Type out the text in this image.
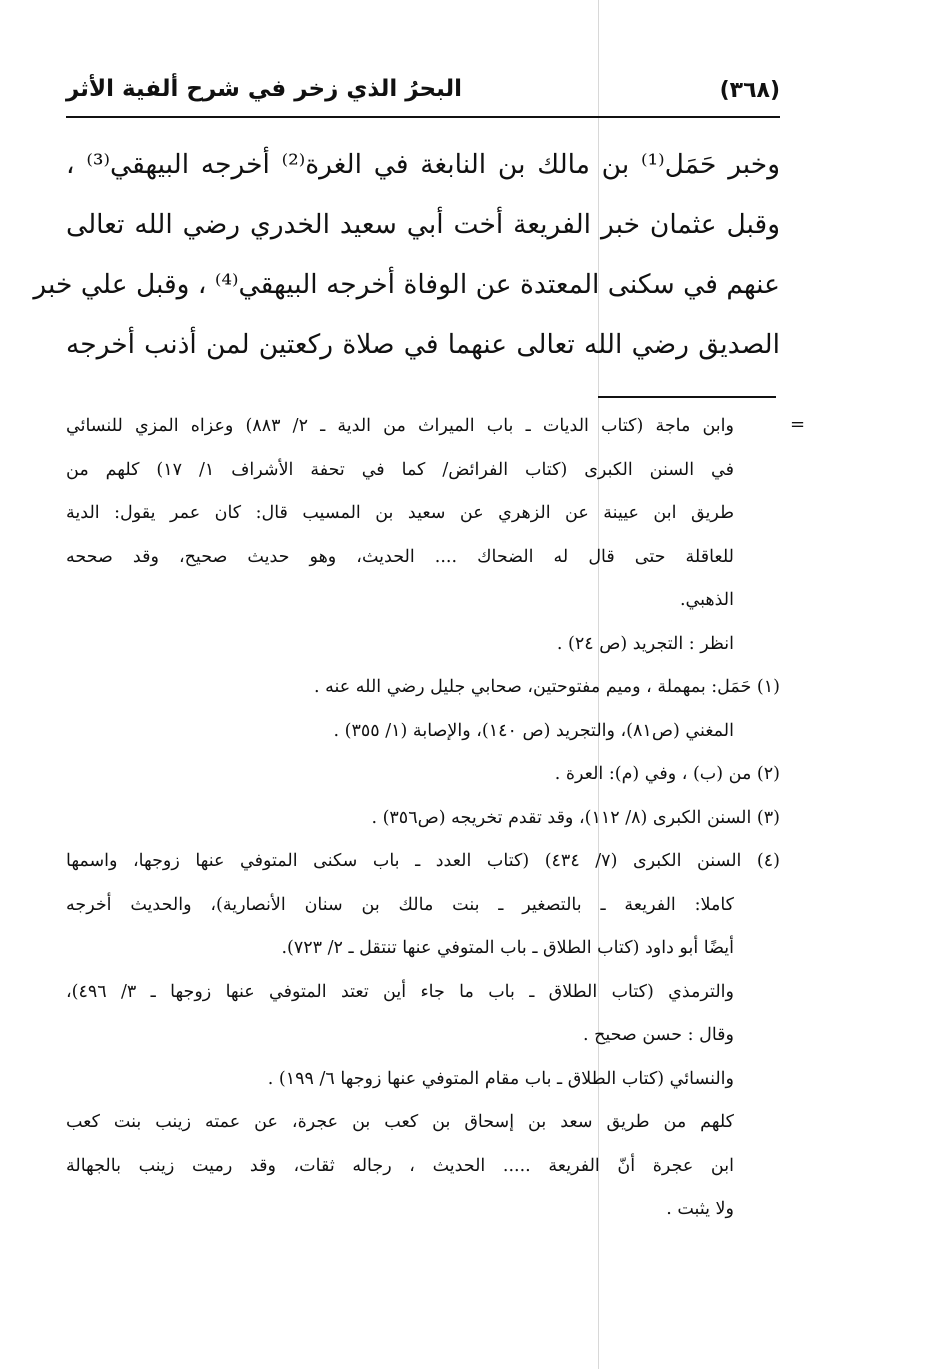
(٣٦٨)
البحرُ الذي زخر في شرح ألفية الأثر
وخبر حَمَل⁽¹⁾ بن مالك بن النابغة في الغرة⁽²⁾ أخرجه البيهقي⁽³⁾ ،
وقبل عثمان خبر الفريعة أخت أبي سعيد الخدري رضي الله تعالى
عنهم في سكنى المعتدة عن الوفاة أخرجه البيهقي⁽⁴⁾ ، وقبل علي خبر
الصديق رضي الله تعالى عنهما في صلاة ركعتين لمن أذنب أخرجه
=
وابن ماجة (كتاب الديات ـ باب الميراث من الدية ـ ٢/ ٨٨٣) وعزاه المزي للنسائي
في السنن الكبرى (كتاب الفرائض/ كما في تحفة الأشراف ١/ ١٧) كلهم من
طريق ابن عيينة عن الزهري عن سعيد بن المسيب قال: كان عمر يقول: الدية
للعاقلة حتى قال له الضحاك .... الحديث، وهو حديث صحيح، وقد صححه
الذهبي.
انظر : التجريد (ص ٢٤) .
(١) حَمَل: بمهملة ، وميم مفتوحتين، صحابي جليل رضي الله عنه .
المغني (ص٨١)، والتجريد (ص ١٤٠)، والإصابة (١/ ٣٥٥) .
(٢) من (ب) ، وفي (م): العرة .
(٣) السنن الكبرى (٨/ ١١٢)، وقد تقدم تخريجه (ص٣٥٦) .
(٤) السنن الكبرى (٧/ ٤٣٤) (كتاب العدد ـ باب سكنى المتوفي عنها زوجها، واسمها
كاملا: الفريعة ـ بالتصغير ـ بنت مالك بن سنان الأنصارية)، والحديث أخرجه
أيضًا أبو داود (كتاب الطلاق ـ باب المتوفي عنها تنتقل ـ ٢/ ٧٢٣).
والترمذي (كتاب الطلاق ـ باب ما جاء أين تعتد المتوفي عنها زوجها ـ ٣/ ٤٩٦)،
وقال : حسن صحيح .
والنسائي (كتاب الطلاق ـ باب مقام المتوفي عنها زوجها ٦/ ١٩٩) .
كلهم من طريق سعد بن إسحاق بن كعب بن عجرة، عن عمته زينب بنت كعب
ابن عجرة أنّ الفريعة ..... الحديث ، رجاله ثقات، وقد رميت زينب بالجهالة
ولا يثبت .
